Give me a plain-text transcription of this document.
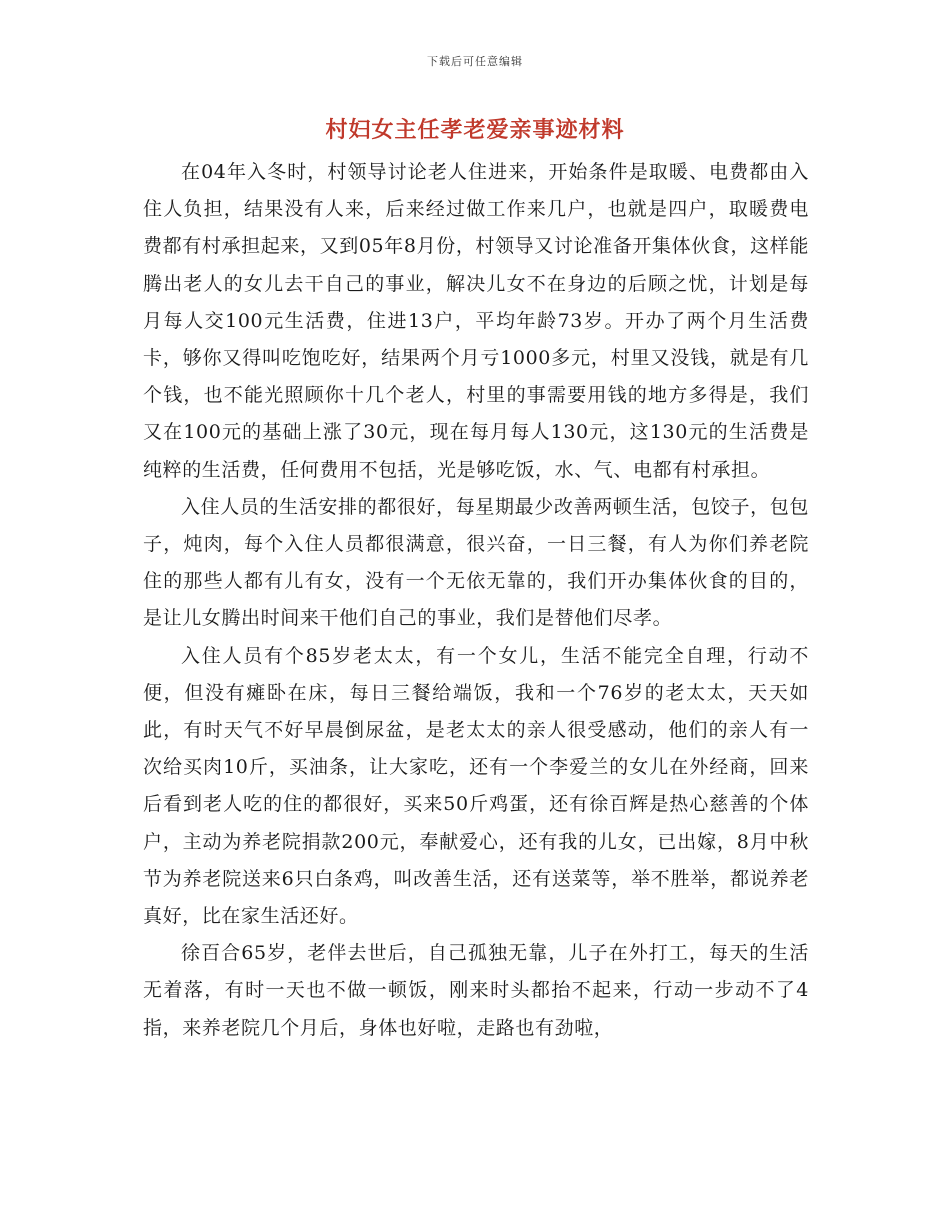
下载后可任意编辑
村妇女主任孝老爱亲事迹材料

在04年入冬时，村领导讨论老人住进来，开始条件是取暖、电费都由入住人负担，结果没有人来，后来经过做工作来几户，也就是四户，取暖费电费都有村承担起来，又到05年8月份，村领导又讨论准备开集体伙食，这样能腾出老人的女儿去干自己的事业，解决儿女不在身边的后顾之忧，计划是每月每人交100元生活费，住进13户，平均年龄73岁。开办了两个月生活费卡，够你又得叫吃饱吃好，结果两个月亏1000多元，村里又没钱，就是有几个钱，也不能光照顾你十几个老人，村里的事需要用钱的地方多得是，我们又在100元的基础上涨了30元，现在每月每人130元，这130元的生活费是纯粹的生活费，任何费用不包括，光是够吃饭，水、气、电都有村承担。

入住人员的生活安排的都很好，每星期最少改善两顿生活，包饺子，包包子，炖肉，每个入住人员都很满意，很兴奋，一日三餐，有人为你们养老院住的那些人都有儿有女，没有一个无依无靠的，我们开办集体伙食的目的，是让儿女腾出时间来干他们自己的事业，我们是替他们尽孝。

入住人员有个85岁老太太，有一个女儿，生活不能完全自理，行动不便，但没有瘫卧在床，每日三餐给端饭，我和一个76岁的老太太，天天如此，有时天气不好早晨倒尿盆，是老太太的亲人很受感动，他们的亲人有一次给买肉10斤，买油条，让大家吃，还有一个李爱兰的女儿在外经商，回来后看到老人吃的住的都很好，买来50斤鸡蛋，还有徐百辉是热心慈善的个体户，主动为养老院捐款200元，奉献爱心，还有我的儿女，已出嫁，8月中秋节为养老院送来6只白条鸡，叫改善生活，还有送菜等，举不胜举，都说养老真好，比在家生活还好。

徐百合65岁，老伴去世后，自己孤独无靠，儿子在外打工，每天的生活无着落，有时一天也不做一顿饭，刚来时头都抬不起来，行动一步动不了4指，来养老院几个月后，身体也好啦，走路也有劲啦，
